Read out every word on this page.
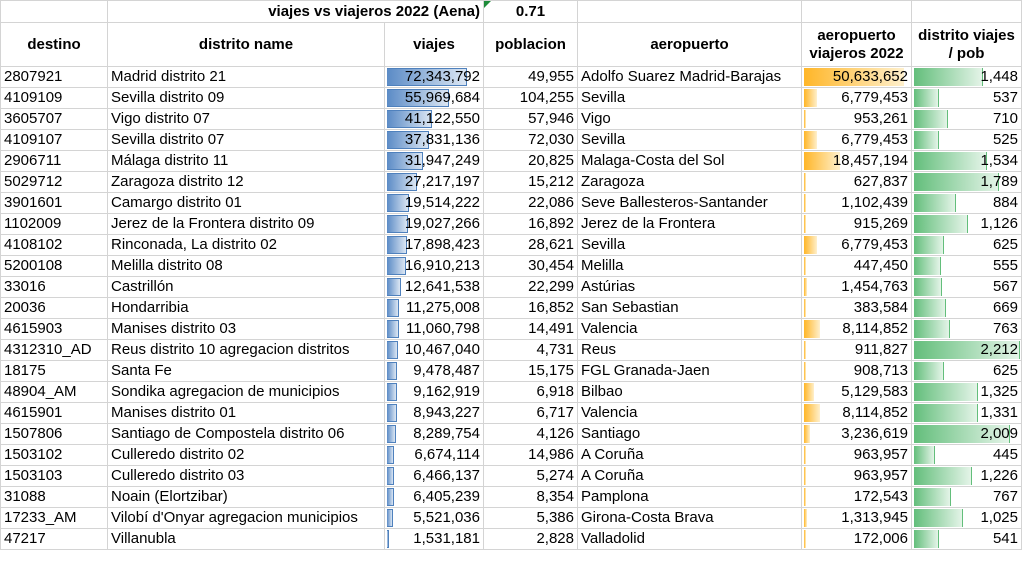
	viajes vs viajeros 2022 (Aena)		0.71			
destino	distrito name	viajes	poblacion	aeropuerto	aeropuerto viajeros 2022	distrito viajes / pob
2807921	Madrid distrito 21	72,343,792	49,955	Adolfo Suarez Madrid-Barajas	50,633,652	1,448
4109109	Sevilla distrito 09	55,969,684	104,255	Sevilla	6,779,453	537
3605707	Vigo distrito 07	41,122,550	57,946	Vigo	953,261	710
4109107	Sevilla distrito 07	37,831,136	72,030	Sevilla	6,779,453	525
2906711	Málaga distrito 11	31,947,249	20,825	Malaga-Costa del Sol	18,457,194	1,534
5029712	Zaragoza distrito 12	27,217,197	15,212	Zaragoza	627,837	1,789
3901601	Camargo distrito 01	19,514,222	22,086	Seve Ballesteros-Santander	1,102,439	884
1102009	Jerez de la Frontera distrito 09	19,027,266	16,892	Jerez de la Frontera	915,269	1,126
4108102	Rinconada, La distrito 02	17,898,423	28,621	Sevilla	6,779,453	625
5200108	Melilla distrito 08	16,910,213	30,454	Melilla	447,450	555
33016	Castrillón	12,641,538	22,299	Astúrias	1,454,763	567
20036	Hondarribia	11,275,008	16,852	San Sebastian	383,584	669
4615903	Manises distrito 03	11,060,798	14,491	Valencia	8,114,852	763
4312310_AD	Reus distrito 10 agregacion distritos	10,467,040	4,731	Reus	911,827	2,212
18175	Santa Fe	9,478,487	15,175	FGL Granada-Jaen	908,713	625
48904_AM	Sondika agregacion de municipios	9,162,919	6,918	Bilbao	5,129,583	1,325
4615901	Manises distrito 01	8,943,227	6,717	Valencia	8,114,852	1,331
1507806	Santiago de Compostela distrito 06	8,289,754	4,126	Santiago	3,236,619	2,009
1503102	Culleredo distrito 02	6,674,114	14,986	A Coruña	963,957	445
1503103	Culleredo distrito 03	6,466,137	5,274	A Coruña	963,957	1,226
31088	Noain (Elortzibar)	6,405,239	8,354	Pamplona	172,543	767
17233_AM	Vilobí d'Onyar agregacion municipios	5,521,036	5,386	Girona-Costa Brava	1,313,945	1,025
47217	Villanubla	1,531,181	2,828	Valladolid	172,006	541
